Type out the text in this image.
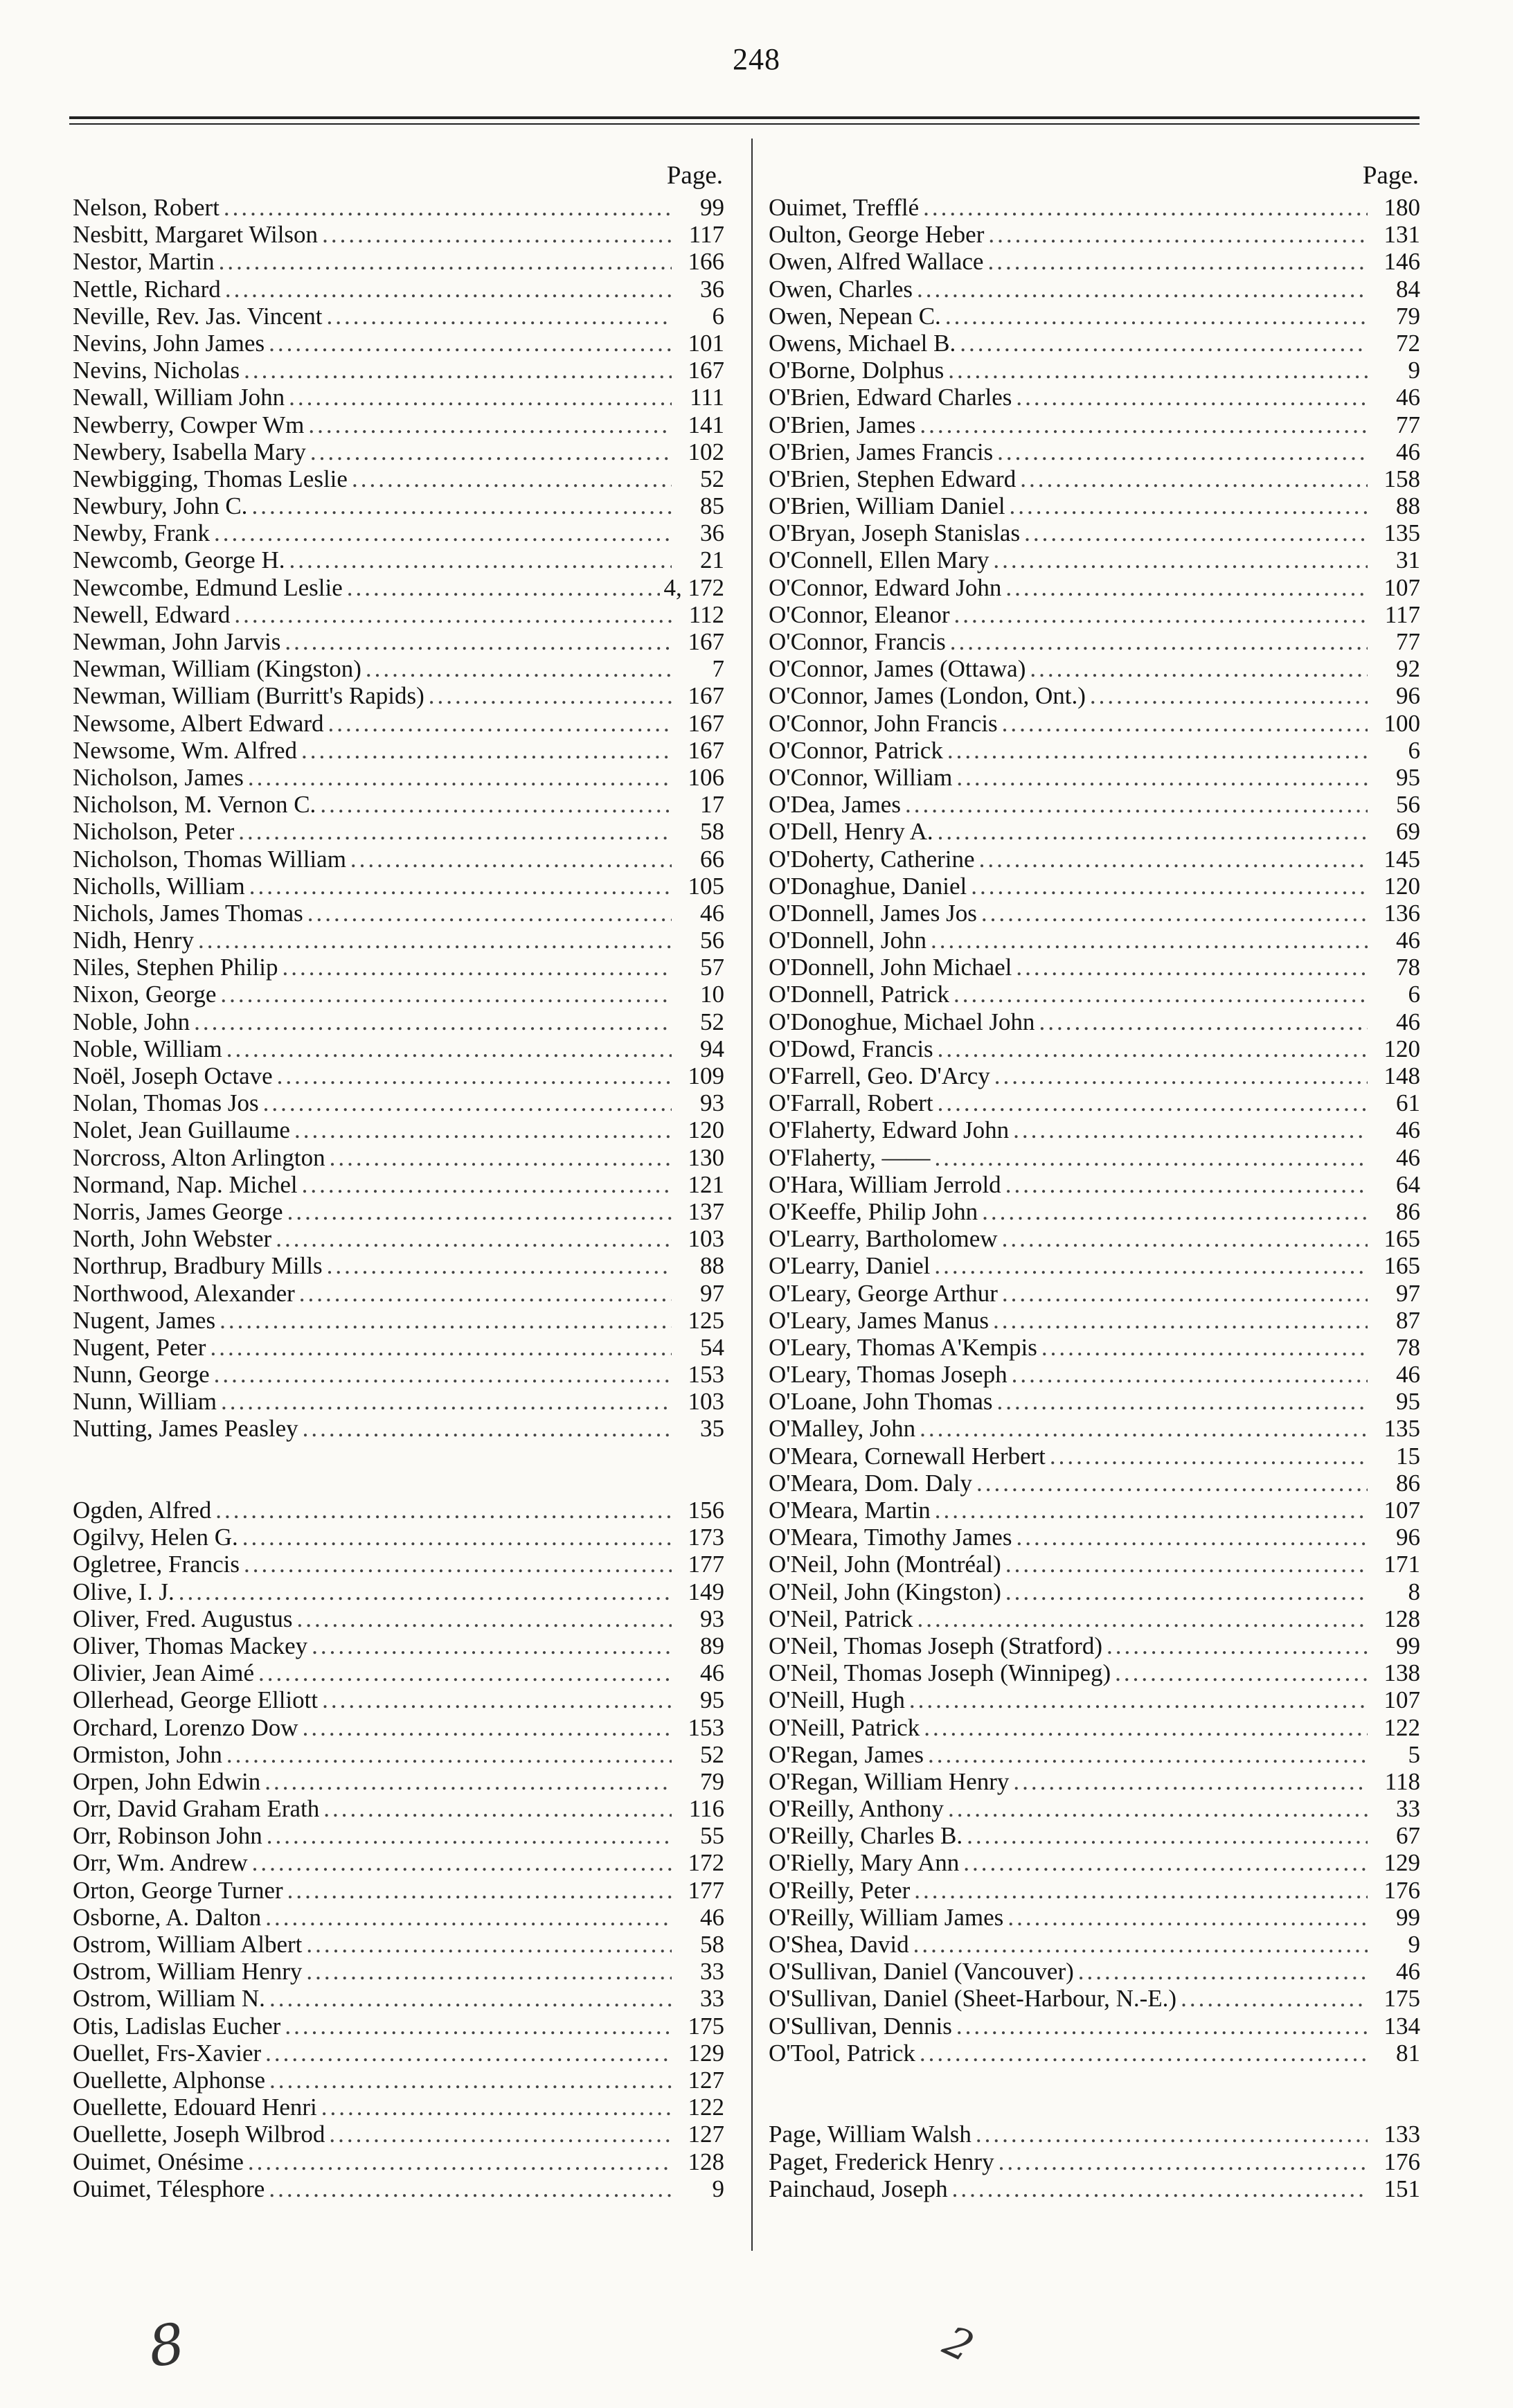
248
Page.
Nelson, Robert .....	99
Nesbitt, Margaret Wilson .....	117
Nestor, Martin .....	166
Nettle, Richard .....	36
Neville, Rev. Jas. Vincent .....	6
Nevins, John James .....	101
Nevins, Nicholas .....	167
Newall, William John .....	111
Newberry, Cowper Wm .....	141
Newbery, Isabella Mary .....	102
Newbigging, Thomas Leslie .....	52
Newbury, John C. .....	85
Newby, Frank .....	36
Newcomb, George H. .....	21
Newcombe, Edmund Leslie .....	4, 172
Newell, Edward .....	112
Newman, John Jarvis .....	167
Newman, William (Kingston) .....	7
Newman, William (Burritt's Rapids) .....	167
Newsome, Albert Edward .....	167
Newsome, Wm. Alfred .....	167
Nicholson, James .....	106
Nicholson, M. Vernon C. .....	17
Nicholson, Peter .....	58
Nicholson, Thomas William .....	66
Nicholls, William .....	105
Nichols, James Thomas .....	46
Nidh, Henry .....	56
Niles, Stephen Philip .....	57
Nixon, George .....	10
Noble, John .....	52
Noble, William .....	94
Noël, Joseph Octave .....	109
Nolan, Thomas Jos .....	93
Nolet, Jean Guillaume .....	120
Norcross, Alton Arlington .....	130
Normand, Nap. Michel .....	121
Norris, James George .....	137
North, John Webster .....	103
Northrup, Bradbury Mills .....	88
Northwood, Alexander .....	97
Nugent, James .....	125
Nugent, Peter .....	54
Nunn, George .....	153
Nunn, William .....	103
Nutting, James Peasley .....	35
Ogden, Alfred .....	156
Ogilvy, Helen G. .....	173
Ogletree, Francis .....	177
Olive, I. J. .....	149
Oliver, Fred. Augustus .....	93
Oliver, Thomas Mackey .....	89
Olivier, Jean Aimé .....	46
Ollerhead, George Elliott .....	95
Orchard, Lorenzo Dow .....	153
Ormiston, John .....	52
Orpen, John Edwin .....	79
Orr, David Graham Erath .....	116
Orr, Robinson John .....	55
Orr, Wm. Andrew .....	172
Orton, George Turner .....	177
Osborne, A. Dalton .....	46
Ostrom, William Albert .....	58
Ostrom, William Henry .....	33
Ostrom, William N. .....	33
Otis, Ladislas Eucher .....	175
Ouellet, Frs-Xavier .....	129
Ouellette, Alphonse .....	127
Ouellette, Edouard Henri .....	122
Ouellette, Joseph Wilbrod .....	127
Ouimet, Onésime .....	128
Ouimet, Télesphore .....	9
Page.
Ouimet, Trefflé .....	180
Oulton, George Heber .....	131
Owen, Alfred Wallace .....	146
Owen, Charles .....	84
Owen, Nepean C. .....	79
Owens, Michael B. .....	72
O'Borne, Dolphus .....	9
O'Brien, Edward Charles .....	46
O'Brien, James .....	77
O'Brien, James Francis .....	46
O'Brien, Stephen Edward .....	158
O'Brien, William Daniel .....	88
O'Bryan, Joseph Stanislas .....	135
O'Connell, Ellen Mary .....	31
O'Connor, Edward John .....	107
O'Connor, Eleanor .....	117
O'Connor, Francis .....	77
O'Connor, James (Ottawa) .....	92
O'Connor, James (London, Ont.) .....	96
O'Connor, John Francis .....	100
O'Connor, Patrick .....	6
O'Connor, William .....	95
O'Dea, James .....	56
O'Dell, Henry A. .....	69
O'Doherty, Catherine .....	145
O'Donaghue, Daniel .....	120
O'Donnell, James Jos .....	136
O'Donnell, John .....	46
O'Donnell, John Michael .....	78
O'Donnell, Patrick .....	6
O'Donoghue, Michael John .....	46
O'Dowd, Francis .....	120
O'Farrell, Geo. D'Arcy .....	148
O'Farrall, Robert .....	61
O'Flaherty, Edward John .....	46
O'Flaherty, —— .....	46
O'Hara, William Jerrold .....	64
O'Keeffe, Philip John .....	86
O'Learry, Bartholomew .....	165
O'Learry, Daniel .....	165
O'Leary, George Arthur .....	97
O'Leary, James Manus .....	87
O'Leary, Thomas A'Kempis .....	78
O'Leary, Thomas Joseph .....	46
O'Loane, John Thomas .....	95
O'Malley, John .....	135
O'Meara, Cornewall Herbert .....	15
O'Meara, Dom. Daly .....	86
O'Meara, Martin .....	107
O'Meara, Timothy James .....	96
O'Neil, John (Montréal) .....	171
O'Neil, John (Kingston) .....	8
O'Neil, Patrick .....	128
O'Neil, Thomas Joseph (Stratford) .....	99
O'Neil, Thomas Joseph (Winnipeg) .....	138
O'Neill, Hugh .....	107
O'Neill, Patrick .....	122
O'Regan, James .....	5
O'Regan, William Henry .....	118
O'Reilly, Anthony .....	33
O'Reilly, Charles B. .....	67
O'Rielly, Mary Ann .....	129
O'Reilly, Peter .....	176
O'Reilly, William James .....	99
O'Shea, David .....	9
O'Sullivan, Daniel (Vancouver) .....	46
O'Sullivan, Daniel (Sheet-Harbour, N.-E.) .....	175
O'Sullivan, Dennis .....	134
O'Tool, Patrick .....	81
Page, William Walsh .....	133
Paget, Frederick Henry .....	176
Painchaud, Joseph .....	151
8	2
